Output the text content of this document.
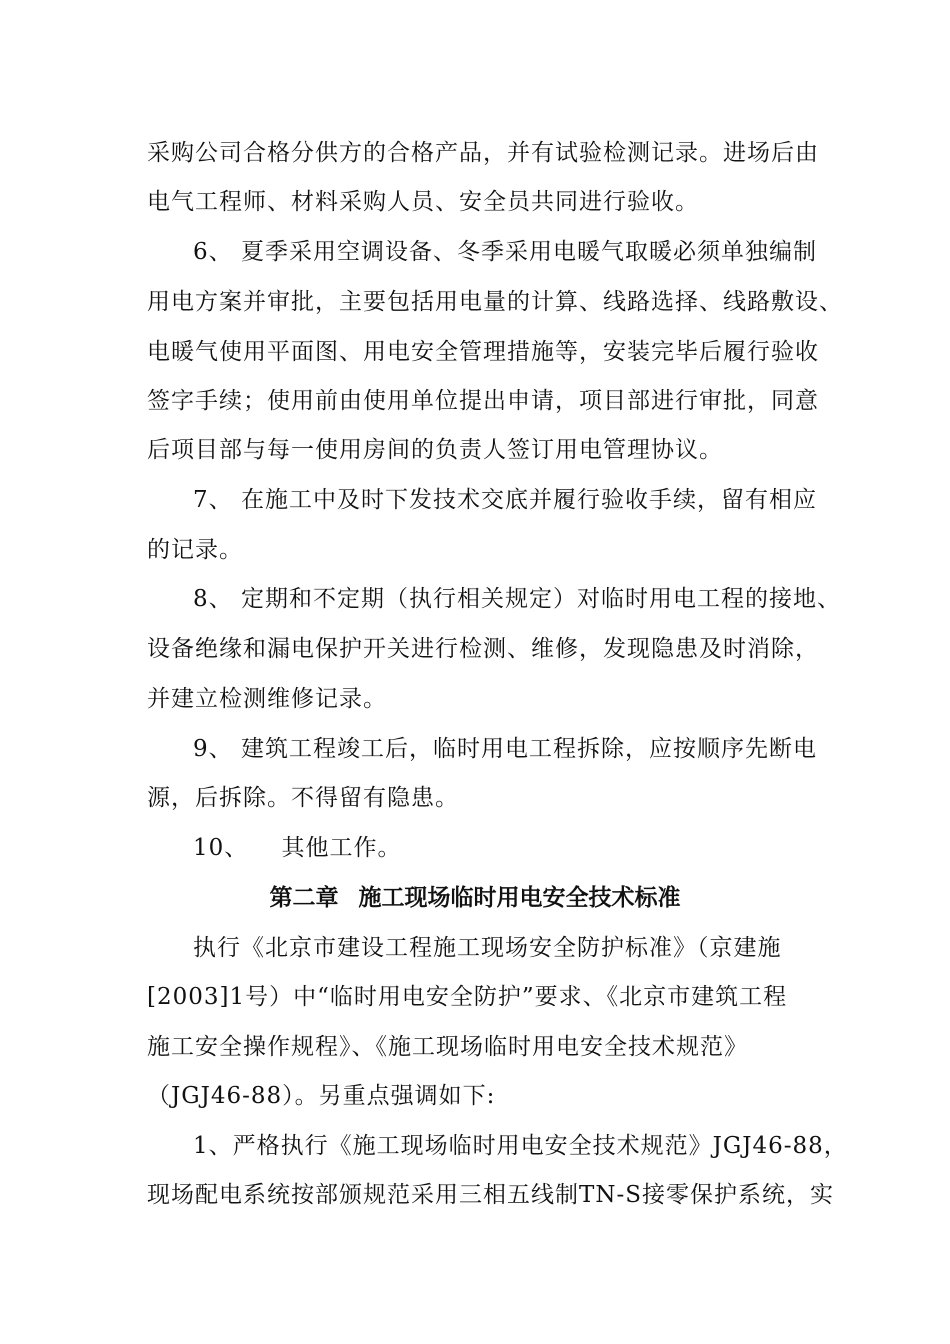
采购公司合格分供方的合格产品，并有试验检测记录。进场后由
电气工程师、材料采购人员、安全员共同进行验收。
6、 夏季采用空调设备、冬季采用电暖气取暖必须单独编制
用电方案并审批，主要包括用电量的计算、线路选择、线路敷设、
电暖气使用平面图、用电安全管理措施等，安装完毕后履行验收
签字手续；使用前由使用单位提出申请，项目部进行审批，同意
后项目部与每一使用房间的负责人签订用电管理协议。
7、 在施工中及时下发技术交底并履行验收手续，留有相应
的记录。
8、 定期和不定期（执行相关规定）对临时用电工程的接地、
设备绝缘和漏电保护开关进行检测、维修，发现隐患及时消除，
并建立检测维修记录。
9、 建筑工程竣工后，临时用电工程拆除，应按顺序先断电
源，后拆除。不得留有隐患。
10、    其他工作。
第二章 施工现场临时用电安全技术标准
执行《北京市建设工程施工现场安全防护标准》（京建施
[2003]1号）中“临时用电安全防护”要求、《北京市建筑工程
施工安全操作规程》、《施工现场临时用电安全技术规范》
（JGJ46-88）。另重点强调如下:
1、严格执行《施工现场临时用电安全技术规范》JGJ46-88，
现场配电系统按部颁规范采用三相五线制TN-S接零保护系统，实
